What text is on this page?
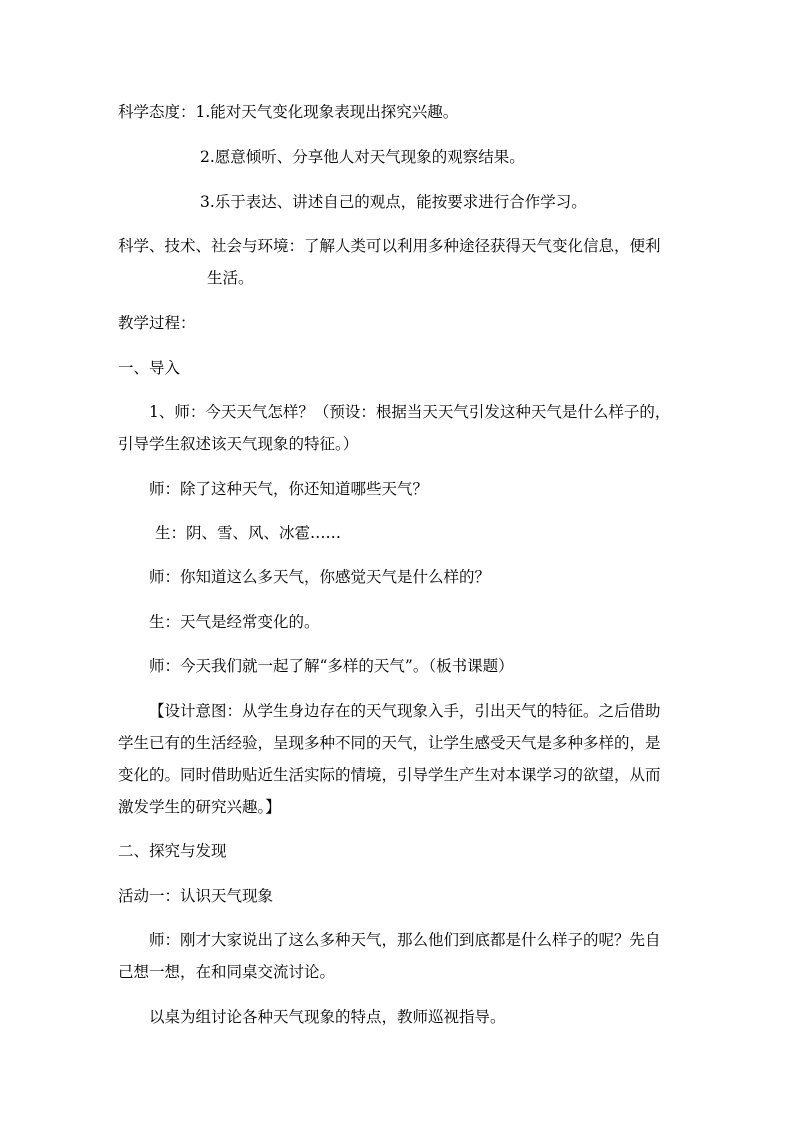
科学态度：1.能对天气变化现象表现出探究兴趣。
2.愿意倾听、分享他人对天气现象的观察结果。
3.乐于表达、讲述自己的观点，能按要求进行合作学习。
科学、技术、社会与环境：了解人类可以利用多种途径获得天气变化信息，便利
生活。
教学过程：
一、导入
1、师：今天天气怎样？（预设：根据当天天气引发这种天气是什么样子的，
引导学生叙述该天气现象的特征。）
师：除了这种天气，你还知道哪些天气？
生：阴、雪、风、冰雹……
师：你知道这么多天气，你感觉天气是什么样的？
生：天气是经常变化的。
师：今天我们就一起了解“多样的天气”。（板书课题）
【设计意图：从学生身边存在的天气现象入手，引出天气的特征。之后借助
学生已有的生活经验，呈现多种不同的天气，让学生感受天气是多种多样的，是
变化的。同时借助贴近生活实际的情境，引导学生产生对本课学习的欲望，从而
激发学生的研究兴趣。】
二、探究与发现
活动一：认识天气现象
师：刚才大家说出了这么多种天气，那么他们到底都是什么样子的呢？先自
己想一想，在和同桌交流讨论。
以桌为组讨论各种天气现象的特点，教师巡视指导。
